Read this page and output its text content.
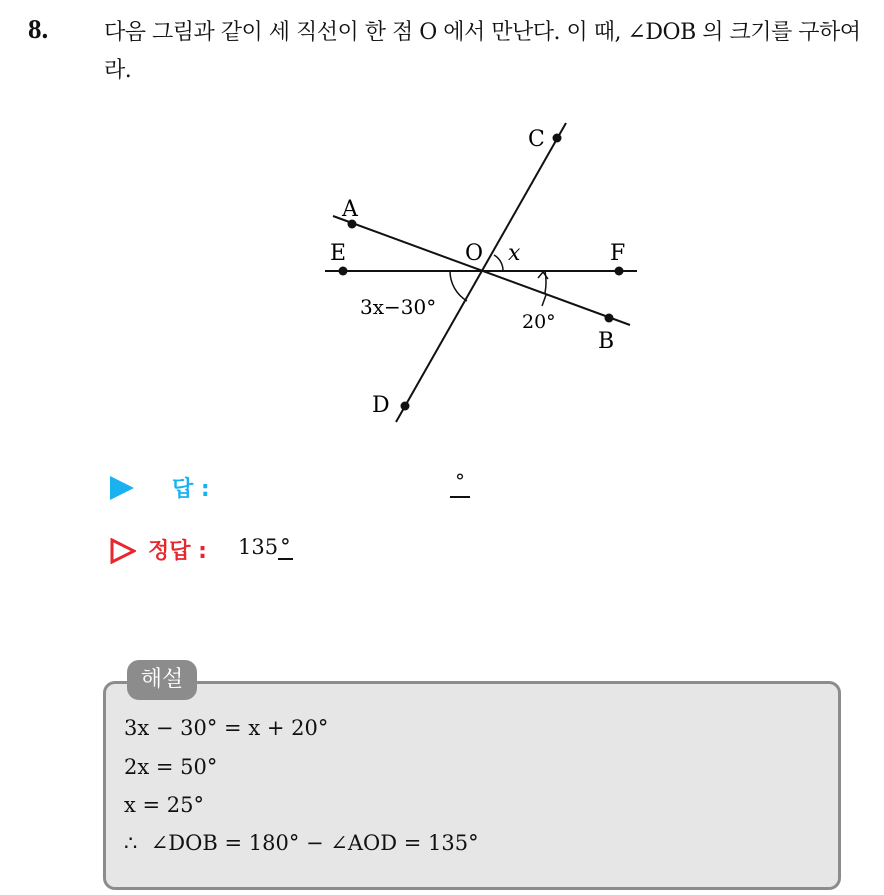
8.	다음 그림과 같이 세 직선이 한 점 O 에서 만난다. 이 때, ∠DOB 의 크기를 구하여라.
A
B
C
D
E	F
O x
3x−30°
20°
답 :	°
정답 : 135°
해설
3x − 30° = x + 20°
2x = 50°
x = 25°
∴  ∠DOB = 180° − ∠AOD = 135°
